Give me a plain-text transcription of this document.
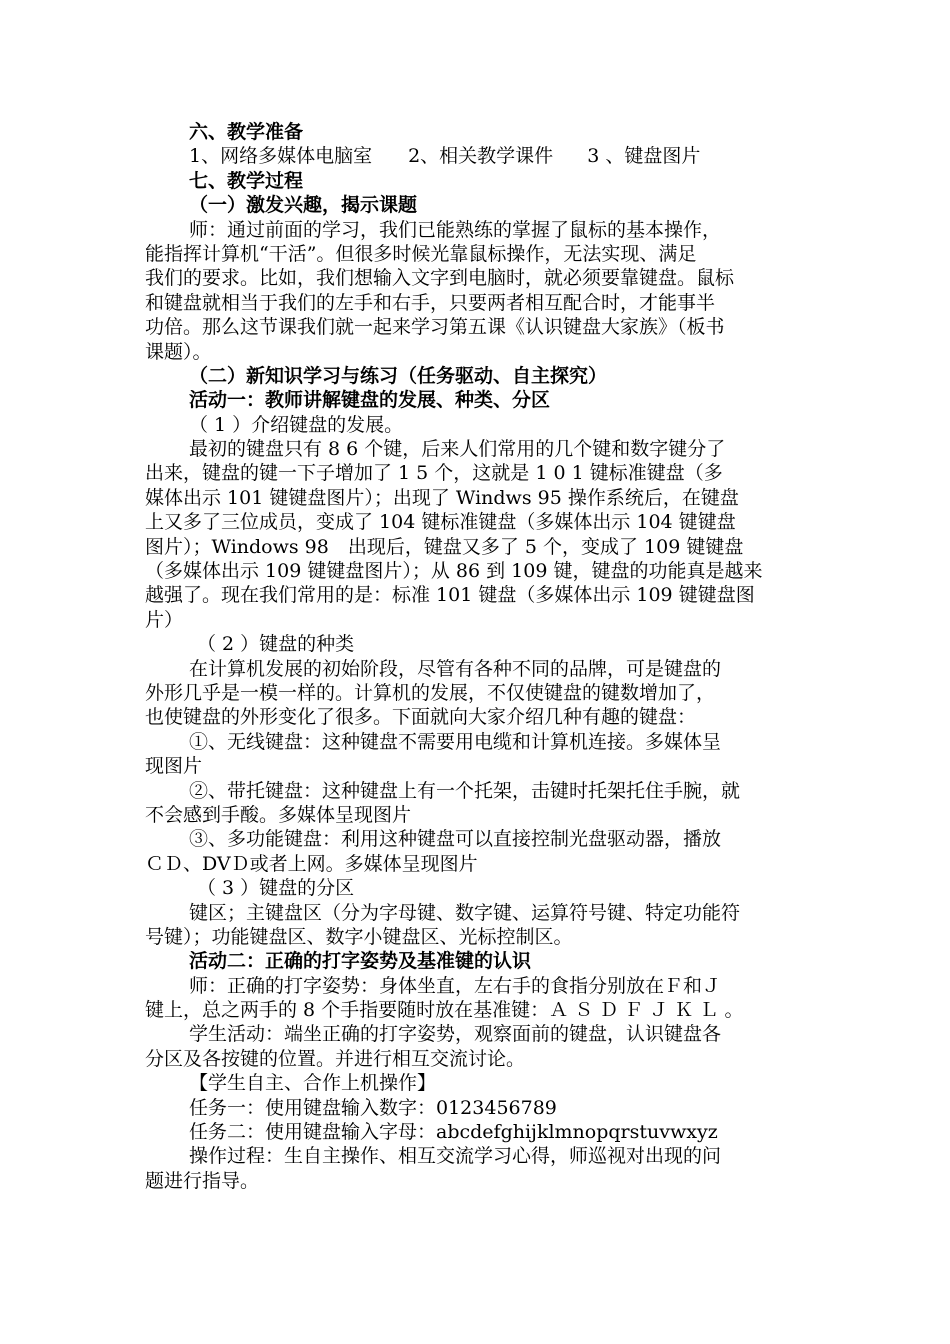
六、教学准备
1、网络多媒体电脑室 2、相关教学课件 3 、键盘图片
七、教学过程
（一）激发兴趣，揭示课题
师：通过前面的学习，我们已能熟练的掌握了鼠标的基本操作，
能指挥计算机“干活”。但很多时候光靠鼠标操作，无法实现、满足
我们的要求。比如，我们想输入文字到电脑时，就必须要靠键盘。鼠标
和键盘就相当于我们的左手和右手，只要两者相互配合时，才能事半
功倍。那么这节课我们就一起来学习第五课《认识键盘大家族》（板书
课题）。
（二）新知识学习与练习（任务驱动、自主探究）
活动一：教师讲解键盘的发展、种类、分区
（ 1 ）介绍键盘的发展。
最初的键盘只有 8 6 个键，后来人们常用的几个键和数字键分了
出来，键盘的键一下子增加了 1 5 个，这就是 1 0 1 键标准键盘（多
媒体出示 101 键键盘图片）；出现了 Windws 95 操作系统后，在键盘
上又多了三位成员，变成了 104 键标准键盘（多媒体出示 104 键键盘
图片）；Windows 98　出现后，键盘又多了 5 个，变成了 109 键键盘
（多媒体出示 109 键键盘图片）；从 86 到 109 键，键盘的功能真是越来
越强了。现在我们常用的是：标准 101 键盘（多媒体出示 109 键键盘图
片）
（ 2 ）键盘的种类
在计算机发展的初始阶段，尽管有各种不同的品牌，可是键盘的
外形几乎是一模一样的。计算机的发展，不仅使键盘的键数增加了，
也使键盘的外形变化了很多。下面就向大家介绍几种有趣的键盘：
①、无线键盘：这种键盘不需要用电缆和计算机连接。多媒体呈
现图片
②、带托键盘：这种键盘上有一个托架，击键时托架托住手腕，就
不会感到手酸。多媒体呈现图片
③、多功能键盘：利用这种键盘可以直接控制光盘驱动器，播放
ＣＤ、DVＤ或者上网。多媒体呈现图片
（ 3 ）键盘的分区
键区；主键盘区（分为字母键、数字键、运算符号键、特定功能符
号键）；功能键盘区、数字小键盘区、光标控制区。
活动二：正确的打字姿势及基准键的认识
师：正确的打字姿势：身体坐直，左右手的食指分别放在Ｆ和Ｊ
键上，总之两手的 8 个手指要随时放在基准键：Ａ Ｓ Ｄ Ｆ Ｊ Ｋ Ｌ 。
学生活动：端坐正确的打字姿势，观察面前的键盘，认识键盘各
分区及各按键的位置。并进行相互交流讨论。
【学生自主、合作上机操作】
任务一：使用键盘输入数字：0123456789
任务二：使用键盘输入字母：abcdefghijklmnopqrstuvwxyz
操作过程：生自主操作、相互交流学习心得，师巡视对出现的问
题进行指导。
